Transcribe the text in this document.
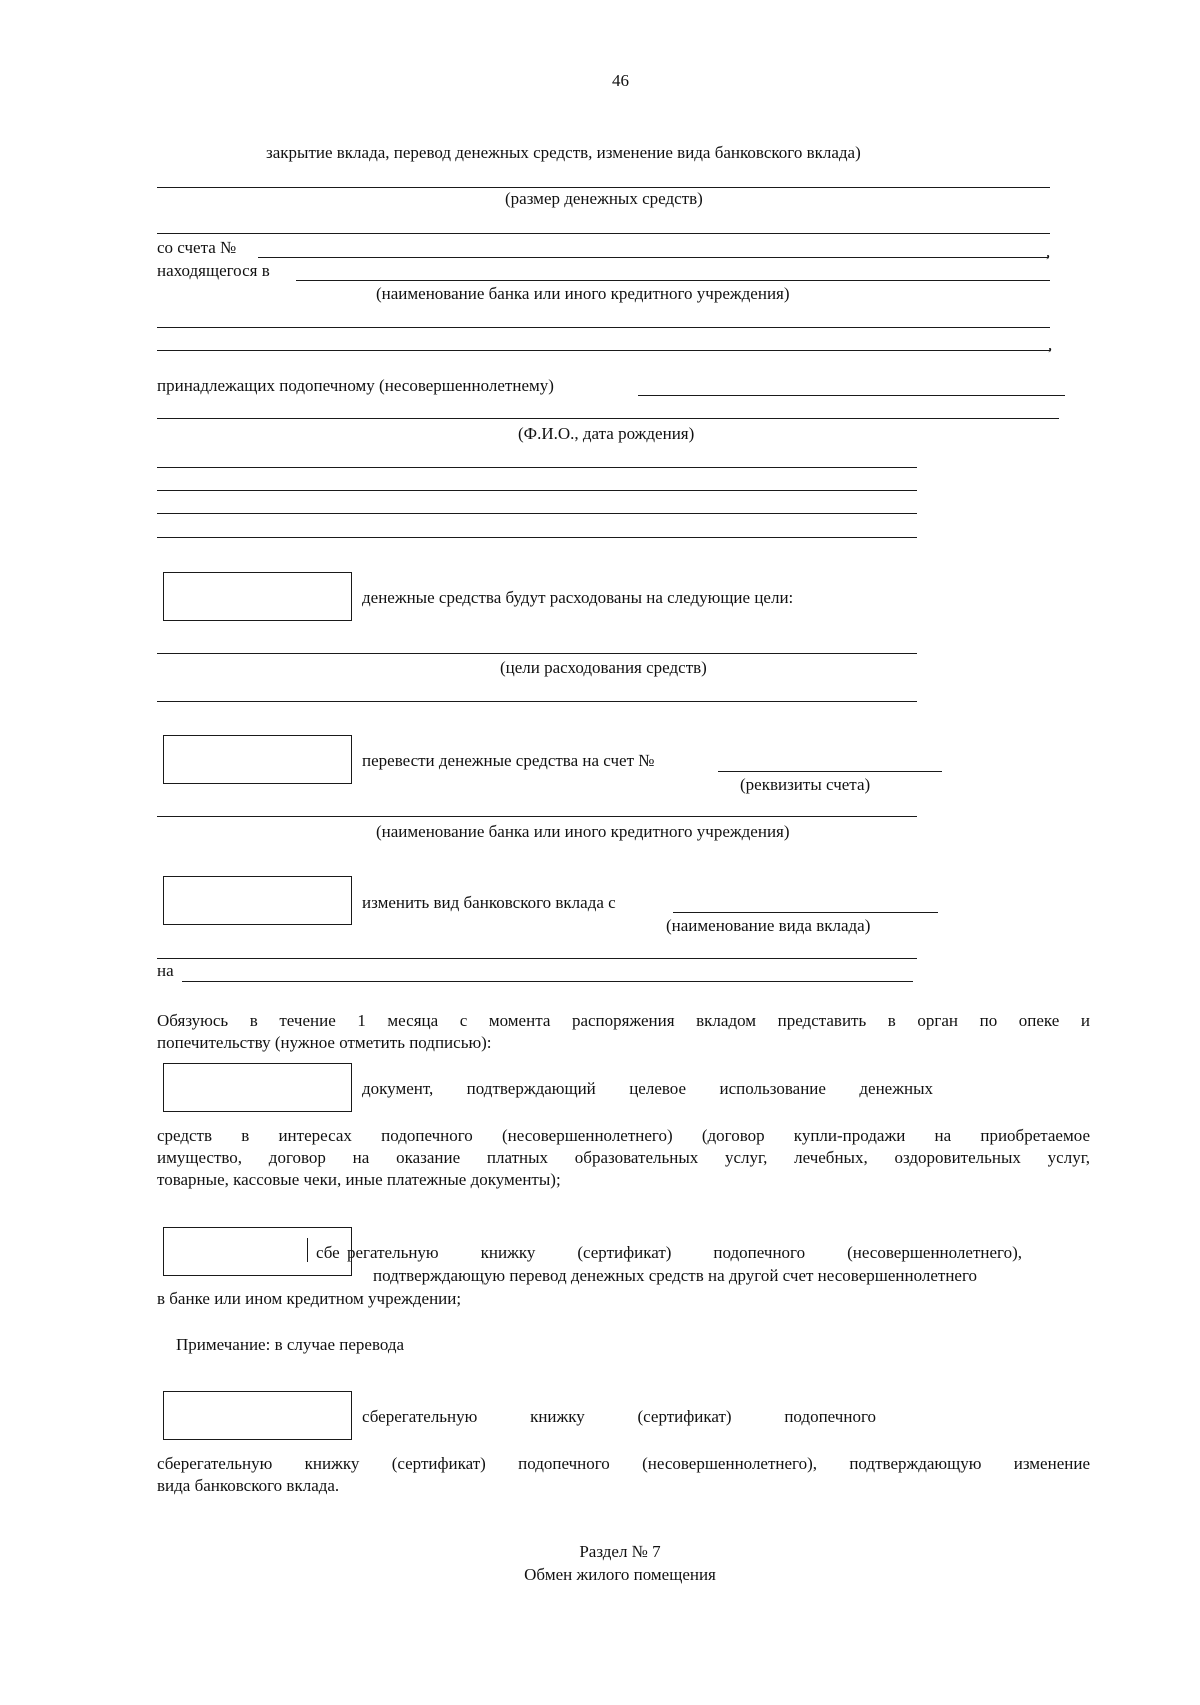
46
закрытие вклада, перевод денежных средств, изменение вида банковского вклада)
(размер денежных средств)
со счета №	,
находящегося в
(наименование банка или иного кредитного учреждения)
,
принадлежащих подопечному (несовершеннолетнему)
(Ф.И.О., дата рождения)
денежные средства будут расходованы на следующие цели:
(цели расходования средств)
перевести денежные средства на счет №
(реквизиты счета)
(наименование банка или иного кредитного учреждения)
изменить вид банковского вклада с
(наименование вида вклада)
на
Обязуюсь в течение 1 месяца с момента распоряжения вкладом представить в орган по опеке и
попечительству (нужное отметить подписью):
документ, подтверждающий целевое использование денежных
средств в интересах подопечного (несовершеннолетнего) (договор купли-продажи на приобретаемое
имущество, договор на оказание платных образовательных услуг, лечебных, оздоровительных услуг,
товарные, кассовые чеки, иные платежные документы);
сбе регательную книжку (сертификат) подопечного (несовершеннолетнего),
подтверждающую перевод денежных средств на другой счет несовершеннолетнего
в банке или ином кредитном учреждении;
Примечание: в случае перевода
сберегательную книжку (сертификат) подопечного
сберегательную книжку (сертификат) подопечного (несовершеннолетнего), подтверждающую изменение
вида банковского вклада.
Раздел № 7
Обмен жилого помещения
